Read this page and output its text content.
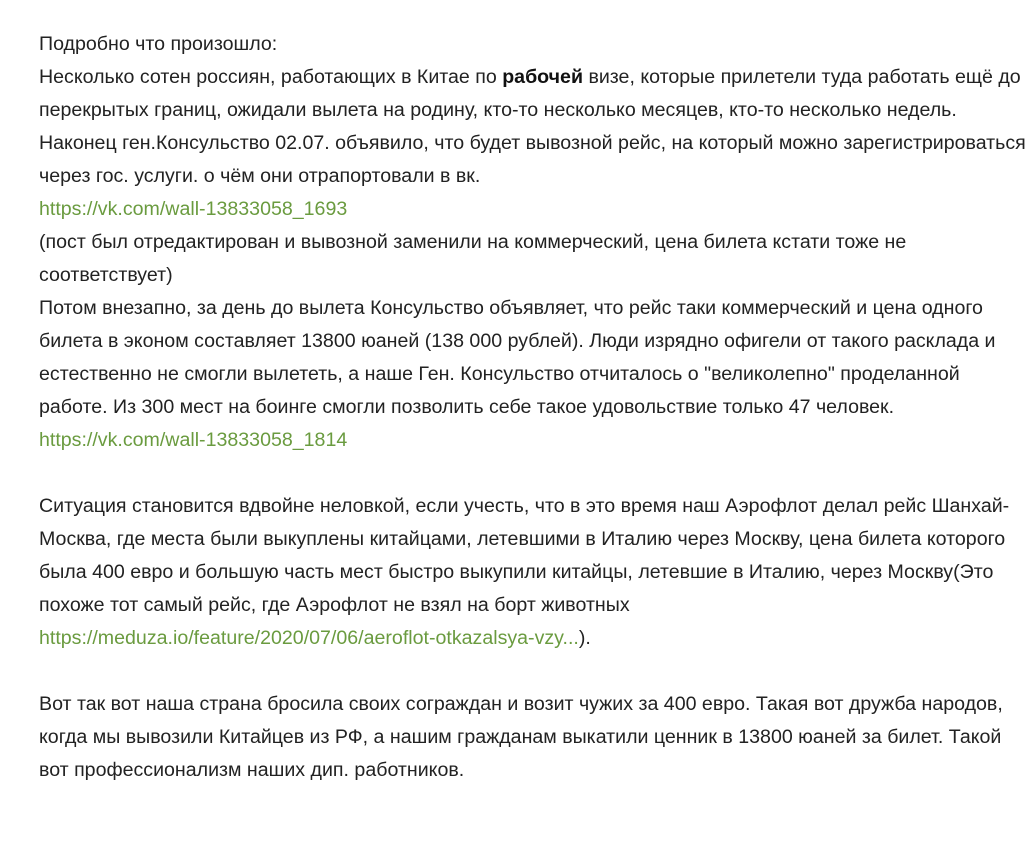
Подробно что произошло:

Несколько сотен россиян, работающих в Китае по рабочей визе, которые прилетели туда работать ещё до перекрытых границ, ожидали вылета на родину, кто-то несколько месяцев, кто-то несколько недель. Наконец ген.Консульство 02.07. объявило, что будет вывозной рейс, на который можно зарегистрироваться через гос. услуги. о чём они отрапортовали в вк.

https://vk.com/wall-13833058_1693

(пост был отредактирован и вывозной заменили на коммерческий, цена билета кстати тоже не соответствует)

Потом внезапно, за день до вылета Консульство объявляет, что рейс таки коммерческий и цена одного билета в эконом составляет 13800 юаней (138 000 рублей). Люди изрядно офигели от такого расклада и естественно не смогли вылететь, а наше Ген. Консульство отчиталось о "великолепно" проделанной работе. Из 300 мест на боинге смогли позволить себе такое удовольствие только 47 человек.

https://vk.com/wall-13833058_1814

Ситуация становится вдвойне неловкой, если учесть, что в это время наш Аэрофлот делал рейс Шанхай-Москва, где места были выкуплены китайцами, летевшими в Италию через Москву, цена билета которого была 400 евро и большую часть мест быстро выкупили китайцы, летевшие в Италию, через Москву(Это похоже тот самый рейс, где Аэрофлот не взял на борт животных https://meduza.io/feature/2020/07/06/aeroflot-otkazalsya-vzy...).

Вот так вот наша страна бросила своих сограждан и возит чужих за 400 евро. Такая вот дружба народов, когда мы вывозили Китайцев из РФ, а нашим гражданам выкатили ценник в 13800 юаней за билет. Такой вот профессионализм наших дип. работников.
